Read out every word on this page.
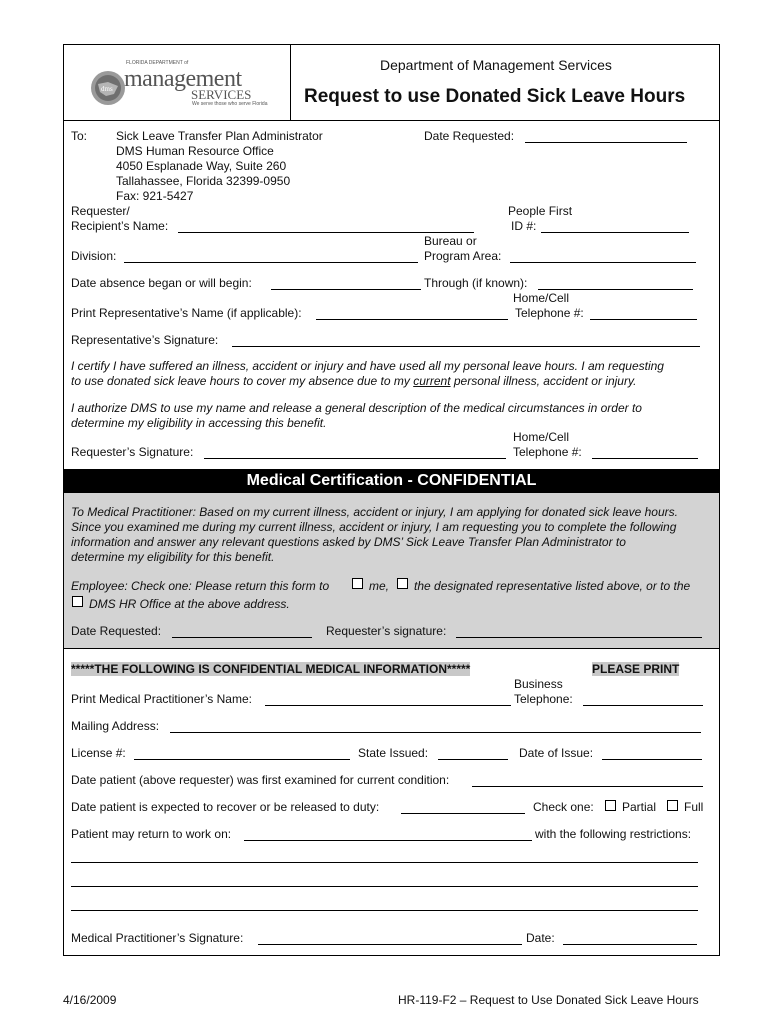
dms
FLORIDA DEPARTMENT of
management
SERVICES
We serve those who serve Florida
Department of Management Services
Request to use Donated Sick Leave Hours
To: Sick Leave Transfer Plan Administrator
DMS Human Resource Office
4050 Esplanade Way, Suite 260
Tallahassee, Florida 32399-0950
Fax: 921-5427
Date Requested:
Requester/
Recipient’s Name:
People First
ID #:
Bureau or
Division:	Program Area:
Date absence began or will begin:	Through (if known):
Home/Cell
Print Representative’s Name (if applicable):	Telephone #:
Representative’s Signature:
I certify I have suffered an illness, accident or injury and have used all my personal leave hours. I am requesting
to use donated sick leave hours to cover my absence due to my current personal illness, accident or injury.
I authorize DMS to use my name and release a general description of the medical circumstances in order to
determine my eligibility in accessing this benefit.
Home/Cell
Requester’s Signature:	Telephone #:
Medical Certification - CONFIDENTIAL
To Medical Practitioner: Based on my current illness, accident or injury, I am applying for donated sick leave hours.
Since you examined me during my current illness, accident or injury, I am requesting you to complete the following
information and answer any relevant questions asked by DMS’ Sick Leave Transfer Plan Administrator to
determine my eligibility for this benefit.
Employee: Check one: Please return this form to	me, the designated representative listed above, or to the
DMS HR Office at the above address.
Date Requested:	Requester’s signature:
*****THE FOLLOWING IS CONFIDENTIAL MEDICAL INFORMATION*****	PLEASE PRINT
Business
Print Medical Practitioner’s Name:	Telephone:
Mailing Address:
License #:	State Issued:	Date of Issue:
Date patient (above requester) was first examined for current condition:
Date patient is expected to recover or be released to duty:	Check one: Partial Full
Patient may return to work on:	with the following restrictions:
Medical Practitioner’s Signature:	Date:
4/16/2009	HR-119-F2 – Request to Use Donated Sick Leave Hours
